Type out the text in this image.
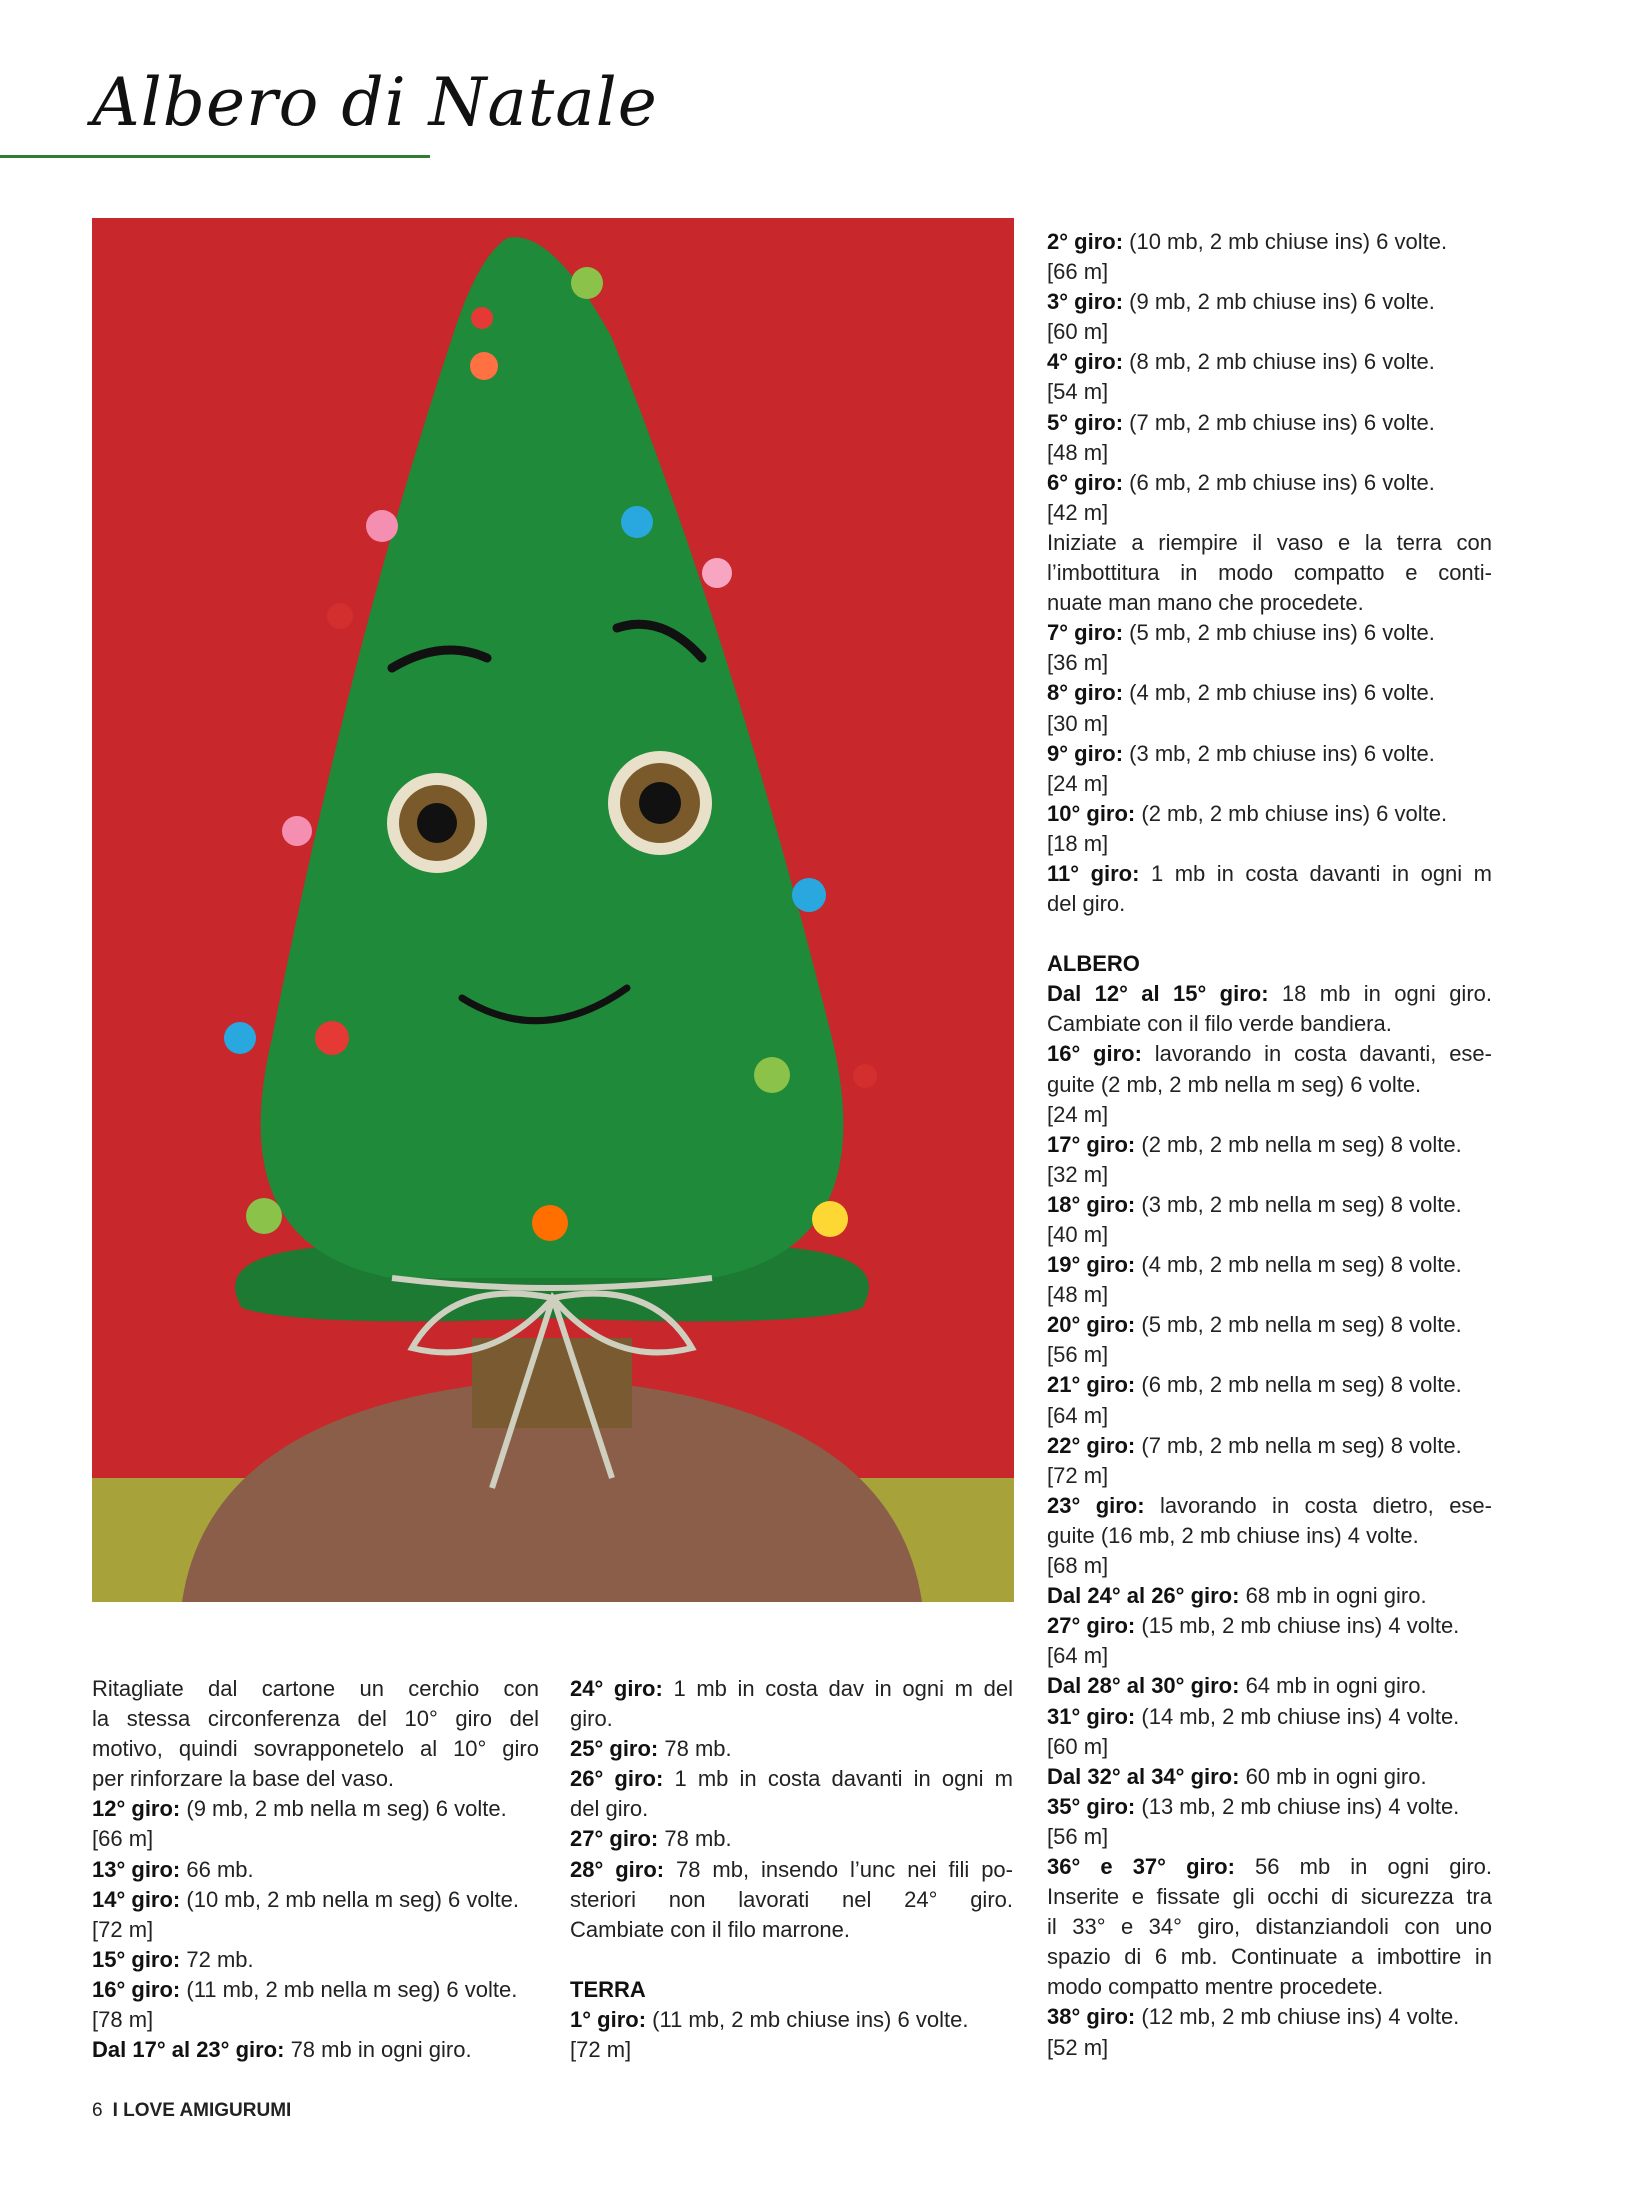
Albero di Natale

Ritagliate dal cartone un cerchio con

la stessa circonferenza del 10° giro del

motivo, quindi sovrapponetelo al 10° giro

per rinforzare la base del vaso.

12° giro: (9 mb, 2 mb nella m seg) 6 volte.

[66 m]

13° giro: 66 mb.

14° giro: (10 mb, 2 mb nella m seg) 6 volte.

[72 m]

15° giro: 72 mb.

16° giro: (11 mb, 2 mb nella m seg) 6 volte.

[78 m]

Dal 17° al 23° giro: 78 mb in ogni giro.

24° giro: 1 mb in costa dav in ogni m del

giro.

25° giro: 78 mb.

26° giro: 1 mb in costa davanti in ogni m

del giro.

27° giro: 78 mb.

28° giro: 78 mb, insendo l’unc nei fili po-

steriori non lavorati nel 24° giro.

Cambiate con il filo marrone.

TERRA

1° giro: (11 mb, 2 mb chiuse ins) 6 volte.

[72 m]

2° giro: (10 mb, 2 mb chiuse ins) 6 volte.

[66 m]

3° giro: (9 mb, 2 mb chiuse ins) 6 volte.

[60 m]

4° giro: (8 mb, 2 mb chiuse ins) 6 volte.

[54 m]

5° giro: (7 mb, 2 mb chiuse ins) 6 volte.

[48 m]

6° giro: (6 mb, 2 mb chiuse ins) 6 volte.

[42 m]

Iniziate a riempire il vaso e la terra con

l’imbottitura in modo compatto e conti-

nuate man mano che procedete.

7° giro: (5 mb, 2 mb chiuse ins) 6 volte.

[36 m]

8° giro: (4 mb, 2 mb chiuse ins) 6 volte.

[30 m]

9° giro: (3 mb, 2 mb chiuse ins) 6 volte.

[24 m]

10° giro: (2 mb, 2 mb chiuse ins) 6 volte.

[18 m]

11° giro: 1 mb in costa davanti in ogni m

del giro.

ALBERO

Dal 12° al 15° giro: 18 mb in ogni giro.

Cambiate con il filo verde bandiera.

16° giro: lavorando in costa davanti, ese-

guite (2 mb, 2 mb nella m seg) 6 volte.

[24 m]

17° giro: (2 mb, 2 mb nella m seg) 8 volte.

[32 m]

18° giro: (3 mb, 2 mb nella m seg) 8 volte.

[40 m]

19° giro: (4 mb, 2 mb nella m seg) 8 volte.

[48 m]

20° giro: (5 mb, 2 mb nella m seg) 8 volte.

[56 m]

21° giro: (6 mb, 2 mb nella m seg) 8 volte.

[64 m]

22° giro: (7 mb, 2 mb nella m seg) 8 volte.

[72 m]

23° giro: lavorando in costa dietro, ese-

guite (16 mb, 2 mb chiuse ins) 4 volte.

[68 m]

Dal 24° al 26° giro: 68 mb in ogni giro.

27° giro: (15 mb, 2 mb chiuse ins) 4 volte.

[64 m]

Dal 28° al 30° giro: 64 mb in ogni giro.

31° giro: (14 mb, 2 mb chiuse ins) 4 volte.

[60 m]

Dal 32° al 34° giro: 60 mb in ogni giro.

35° giro: (13 mb, 2 mb chiuse ins) 4 volte.

[56 m]

36° e 37° giro: 56 mb in ogni giro.

Inserite e fissate gli occhi di sicurezza tra

il 33° e 34° giro, distanziandoli con uno

spazio di 6 mb. Continuate a imbottire in

modo compatto mentre procedete.

38° giro: (12 mb, 2 mb chiuse ins) 4 volte.

[52 m]

6 I LOVE AMIGURUMI
